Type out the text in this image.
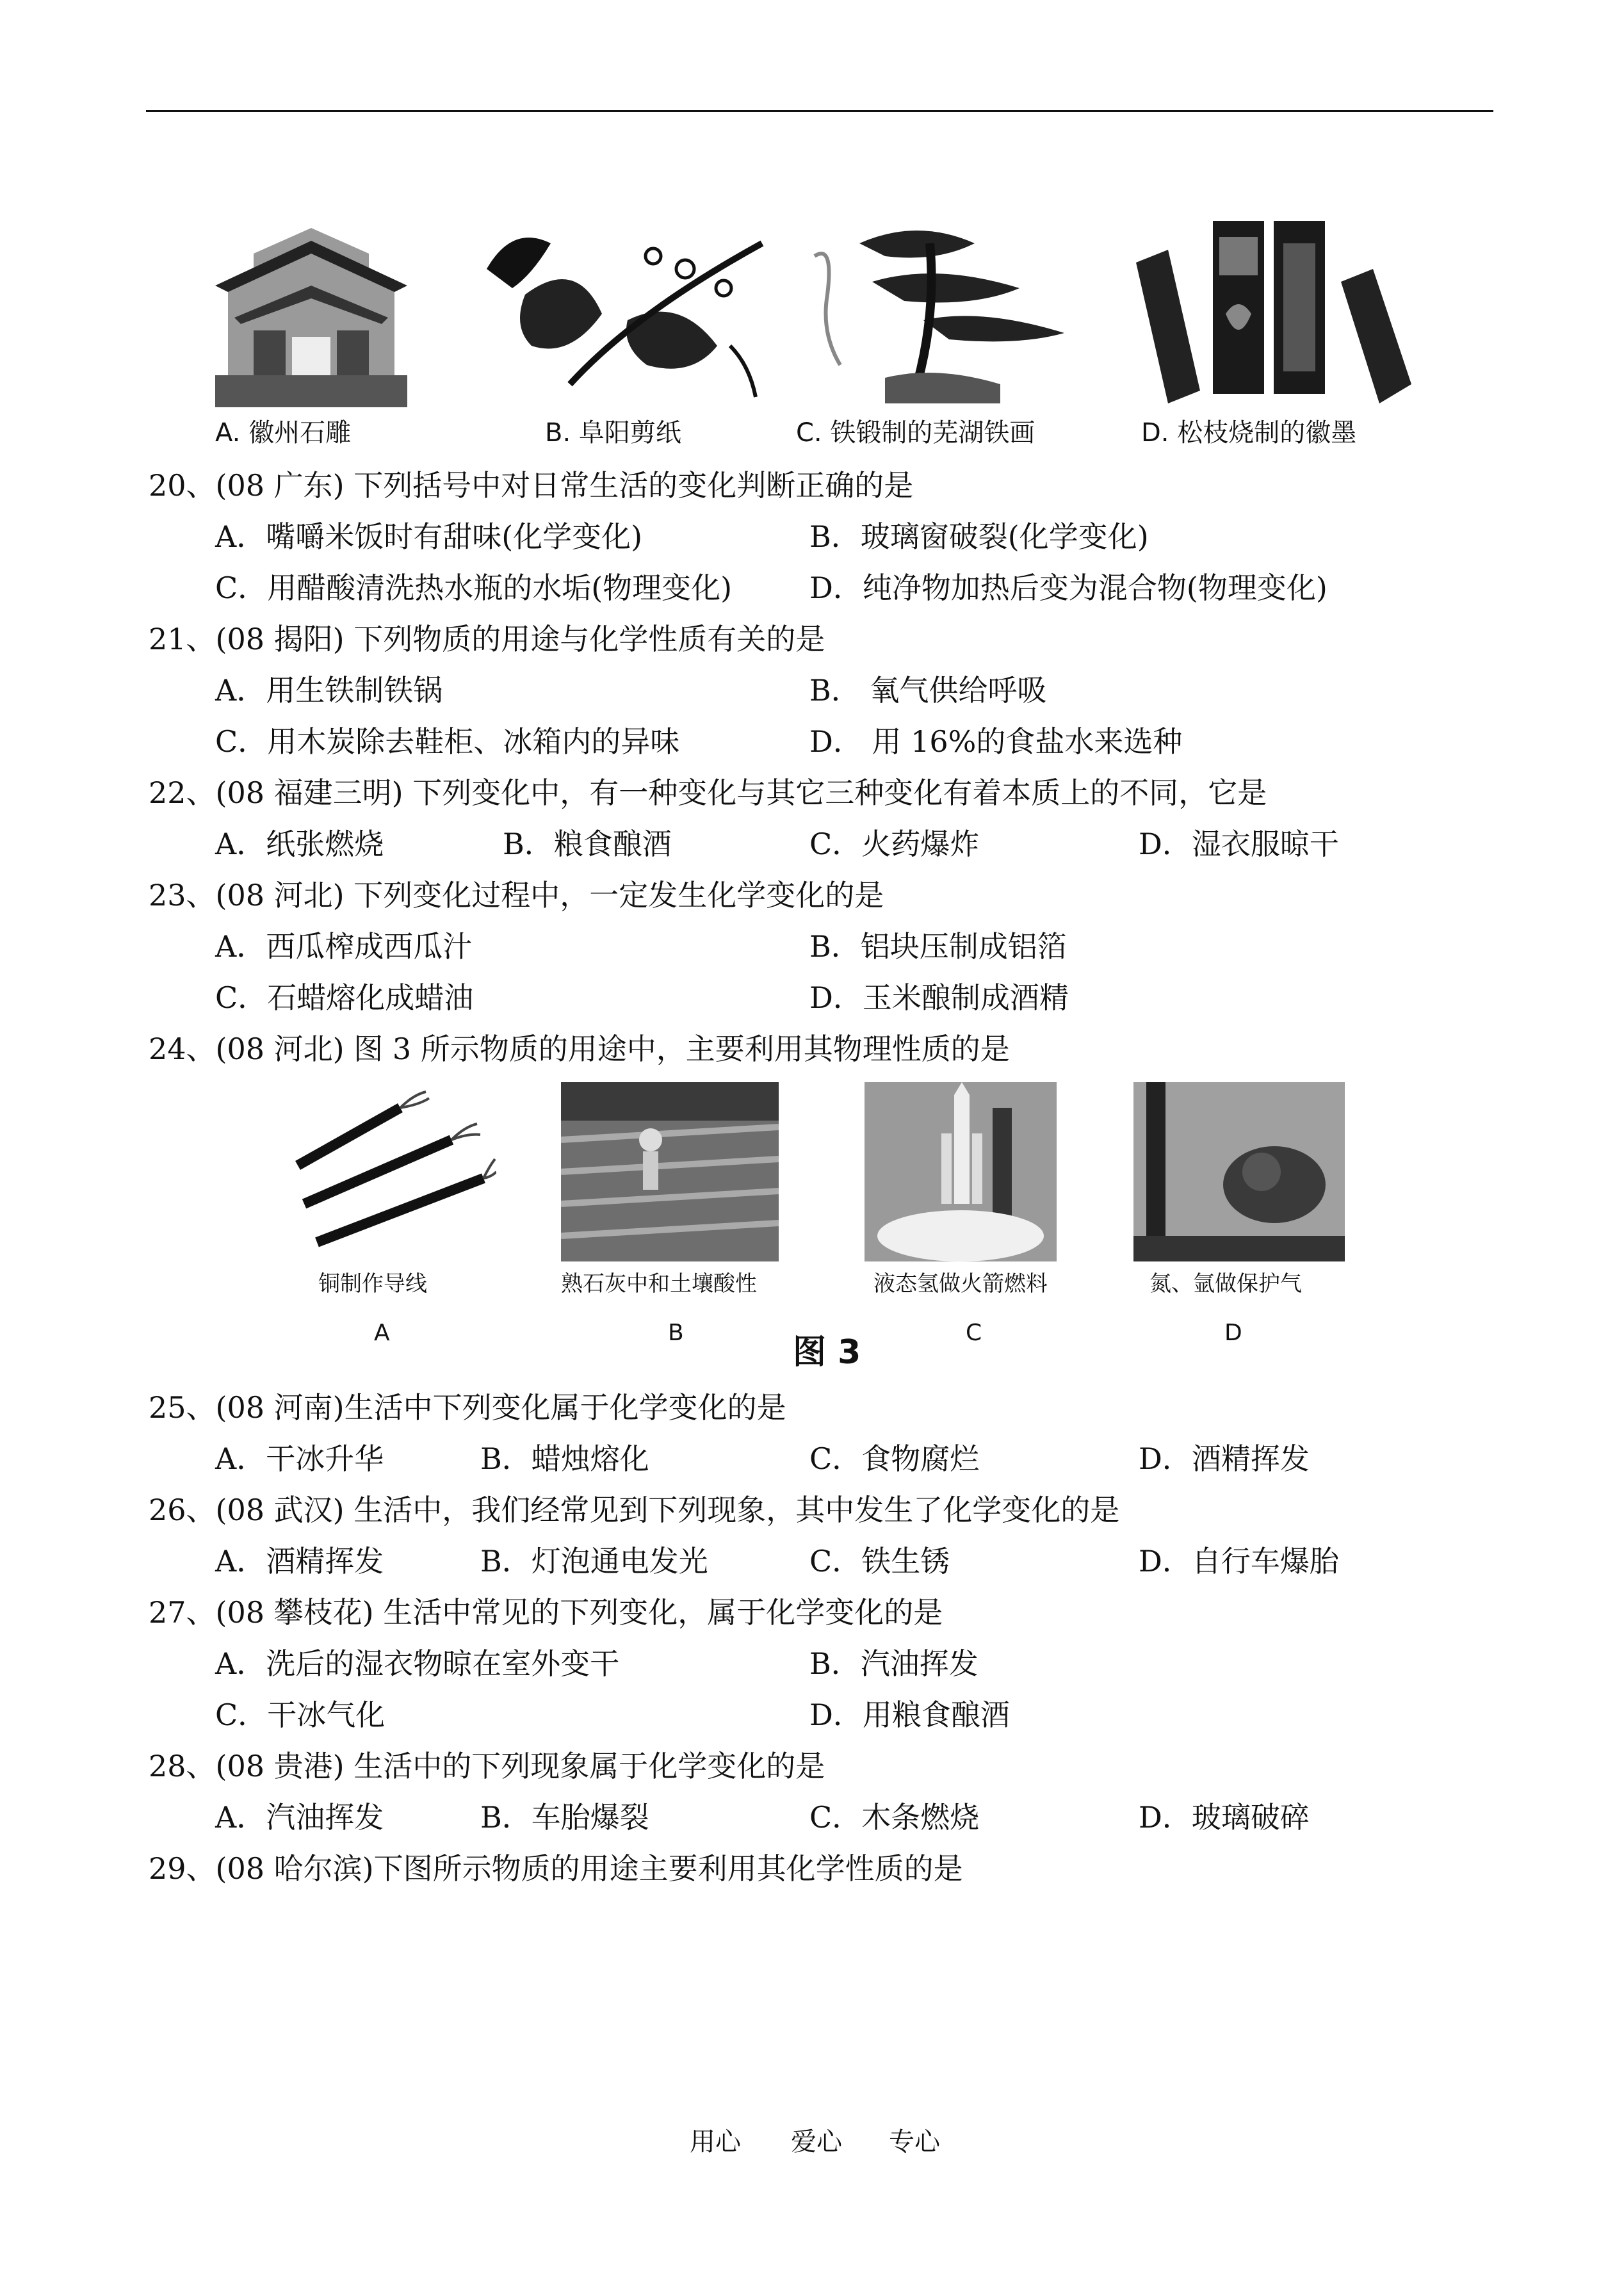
A. 徽州石雕	B. 阜阳剪纸	C. 铁锻制的芜湖铁画	D. 松枝烧制的徽墨
20、(08 广东) 下列括号中对日常生活的变化判断正确的是
A．嘴嚼米饭时有甜味(化学变化)	B．玻璃窗破裂(化学变化)
C．用醋酸清洗热水瓶的水垢(物理变化)	D．纯净物加热后变为混合物(物理变化)
21、(08 揭阳) 下列物质的用途与化学性质有关的是
A．用生铁制铁锅	B． 氧气供给呼吸
C．用木炭除去鞋柜、冰箱内的异味	D． 用 16%的食盐水来选种
22、(08 福建三明) 下列变化中，有一种变化与其它三种变化有着本质上的不同，它是
A．纸张燃烧	B．粮食酿酒	C．火药爆炸	D．湿衣服晾干
23、(08 河北) 下列变化过程中，一定发生化学变化的是
A．西瓜榨成西瓜汁	B．铝块压制成铝箔
C．石蜡熔化成蜡油	D．玉米酿制成酒精
24、(08 河北) 图 3 所示物质的用途中，主要利用其物理性质的是
铜制作导线	熟石灰中和土壤酸性	液态氢做火箭燃料	氮、氩做保护气
A	B	C	D
图 3
25、(08 河南)生活中下列变化属于化学变化的是
A．干冰升华	B．蜡烛熔化	C．食物腐烂	D．酒精挥发
26、(08 武汉) 生活中，我们经常见到下列现象，其中发生了化学变化的是
A．酒精挥发	B．灯泡通电发光	C．铁生锈	D．自行车爆胎
27、(08 攀枝花) 生活中常见的下列变化，属于化学变化的是
A．洗后的湿衣物晾在室外变干	B．汽油挥发
C．干冰气化	D．用粮食酿酒
28、(08 贵港) 生活中的下列现象属于化学变化的是
A．汽油挥发	B．车胎爆裂	C．木条燃烧	D．玻璃破碎
29、(08 哈尔滨)下图所示物质的用途主要利用其化学性质的是
用心 爱心 专心
